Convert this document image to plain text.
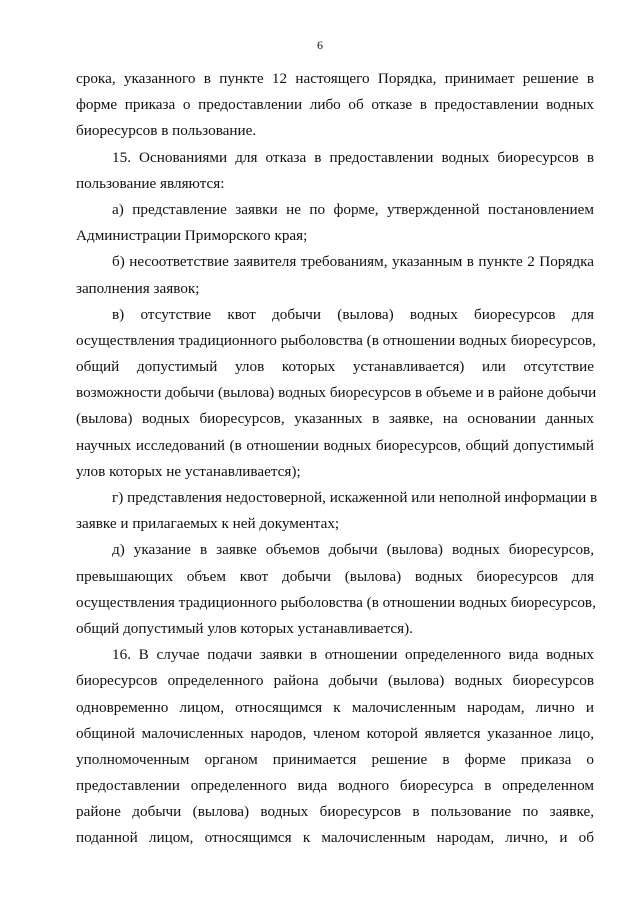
6
срока, указанного в пункте 12 настоящего Порядка, принимает решение в
форме приказа о предоставлении либо об отказе в предоставлении водных
биоресурсов в пользование.
15. Основаниями для отказа в предоставлении водных биоресурсов в
пользование являются:
а) представление заявки не по форме, утвержденной постановлением
Администрации Приморского края;
б) несоответствие заявителя требованиям, указанным в пункте 2 Порядка
заполнения заявок;
в) отсутствие квот добычи (вылова) водных биоресурсов для
осуществления традиционного рыболовства (в отношении водных биоресурсов,
общий допустимый улов которых устанавливается) или отсутствие
возможности добычи (вылова) водных биоресурсов в объеме и в районе добычи
(вылова) водных биоресурсов, указанных в заявке, на основании данных
научных исследований (в отношении водных биоресурсов, общий допустимый
улов которых не устанавливается);
г) представления недостоверной, искаженной или неполной информации в
заявке и прилагаемых к ней документах;
д) указание в заявке объемов добычи (вылова) водных биоресурсов,
превышающих объем квот добычи (вылова) водных биоресурсов для
осуществления традиционного рыболовства (в отношении водных биоресурсов,
общий допустимый улов которых устанавливается).
16. В случае подачи заявки в отношении определенного вида водных
биоресурсов определенного района добычи (вылова) водных биоресурсов
одновременно лицом, относящимся к малочисленным народам, лично и
общиной малочисленных народов, членом которой является указанное лицо,
уполномоченным органом принимается решение в форме приказа о
предоставлении определенного вида водного биоресурса в определенном
районе добычи (вылова) водных биоресурсов в пользование по заявке,
поданной лицом, относящимся к малочисленным народам, лично, и об
